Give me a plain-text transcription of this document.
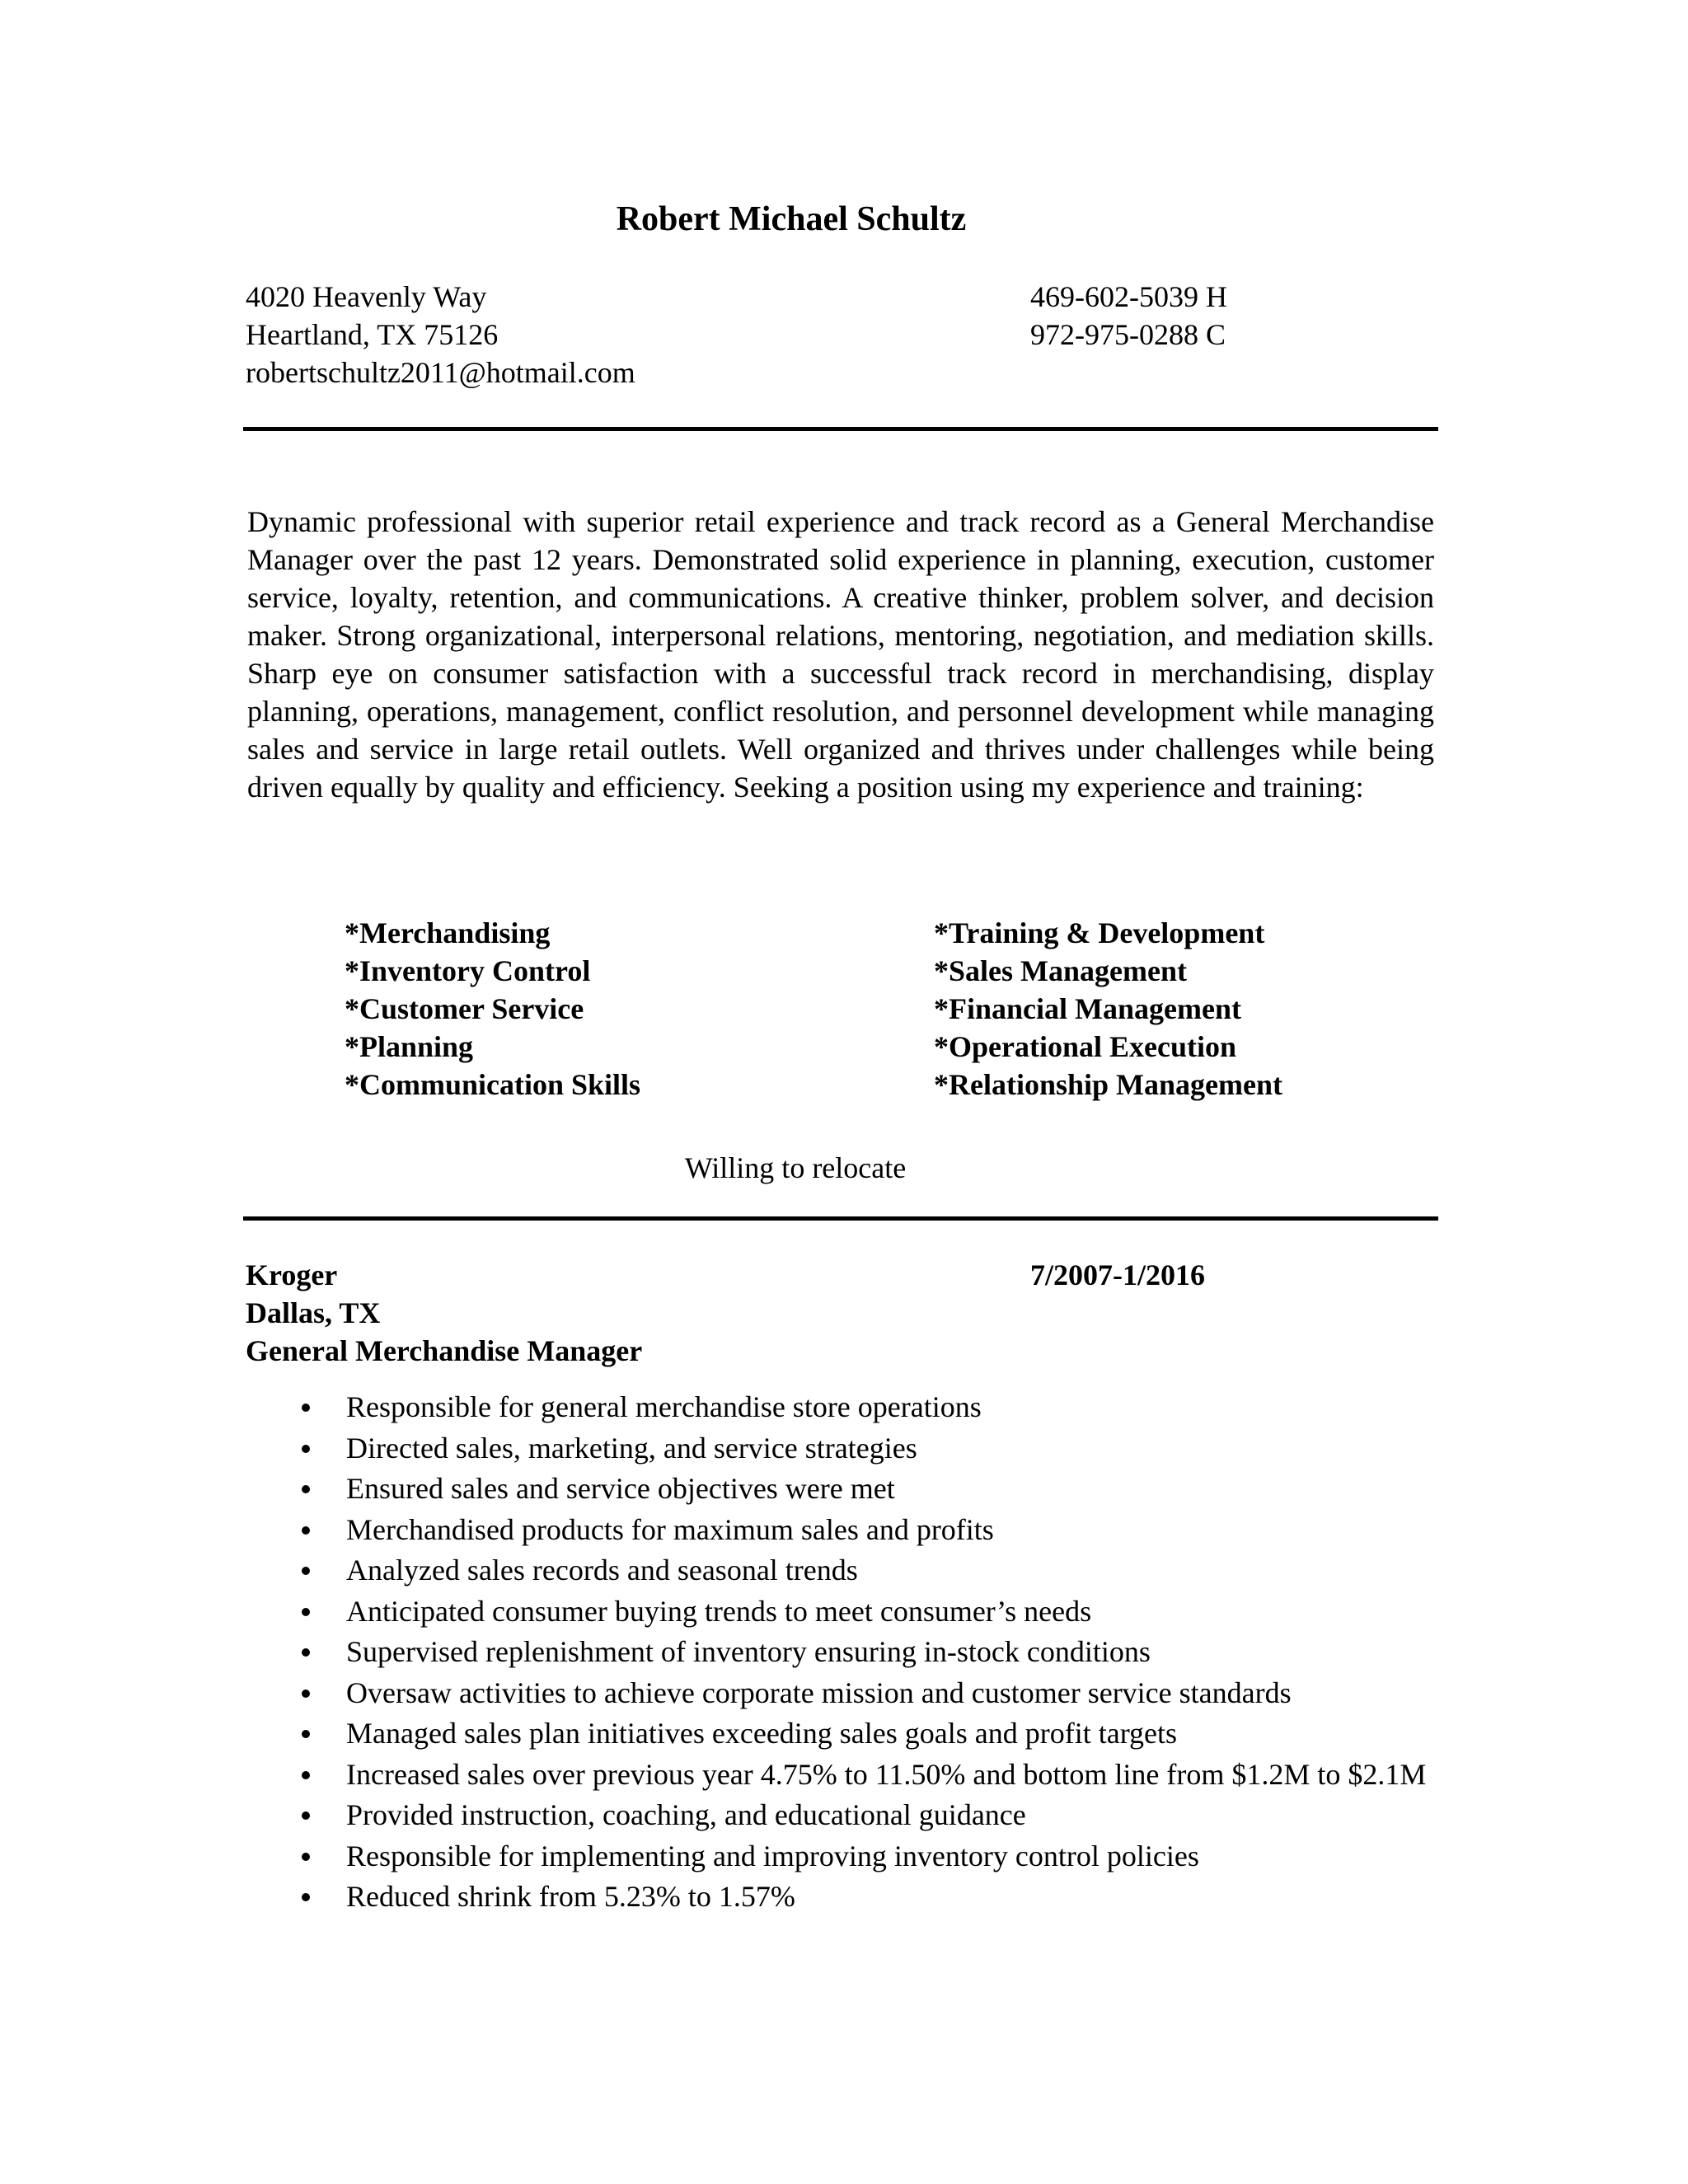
Robert Michael Schultz
4020 Heavenly Way
Heartland, TX 75126
robertschultz2011@hotmail.com
469-602-5039 H
972-975-0288 C
Dynamic professional with superior retail experience and track record as a General Merchandise Manager over the past 12 years. Demonstrated solid experience in planning, execution, customer service, loyalty, retention, and communications. A creative thinker, problem solver, and decision maker. Strong organizational, interpersonal relations, mentoring, negotiation, and mediation skills. Sharp eye on consumer satisfaction with a successful track record in merchandising, display planning, operations, management, conflict resolution, and personnel development while managing sales and service in large retail outlets. Well organized and thrives under challenges while being driven equally by quality and efficiency. Seeking a position using my experience and training:
*Merchandising
*Inventory Control
*Customer Service
*Planning
*Communication Skills
*Training & Development
*Sales Management
*Financial Management
*Operational Execution
*Relationship Management
Willing to relocate
Kroger	7/2007-1/2016
Dallas, TX
General Merchandise Manager
Responsible for general merchandise store operations
Directed sales, marketing, and service strategies
Ensured sales and service objectives were met
Merchandised products for maximum sales and profits
Analyzed sales records and seasonal trends
Anticipated consumer buying trends to meet consumer’s needs
Supervised replenishment of inventory ensuring in-stock conditions
Oversaw activities to achieve corporate mission and customer service standards
Managed sales plan initiatives exceeding sales goals and profit targets
Increased sales over previous year 4.75% to 11.50% and bottom line from $1.2M to $2.1M
Provided instruction, coaching, and educational guidance
Responsible for implementing and improving inventory control policies
Reduced shrink from 5.23% to 1.57%
